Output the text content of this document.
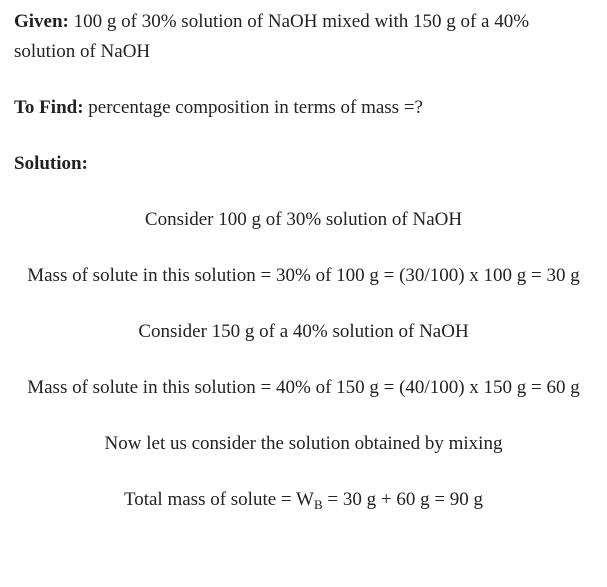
Given: 100 g of 30% solution of NaOH mixed with 150 g of a 40% solution of NaOH

To Find: percentage composition in terms of mass =?

Solution:

Consider 100 g of 30% solution of NaOH

Mass of solute in this solution = 30% of 100 g = (30/100) x 100 g = 30 g

Consider 150 g of a 40% solution of NaOH

Mass of solute in this solution = 40% of 150 g = (40/100) x 150 g = 60 g

Now let us consider the solution obtained by mixing

Total mass of solute = $W_B = 30$ g + 60 g = 90 g
